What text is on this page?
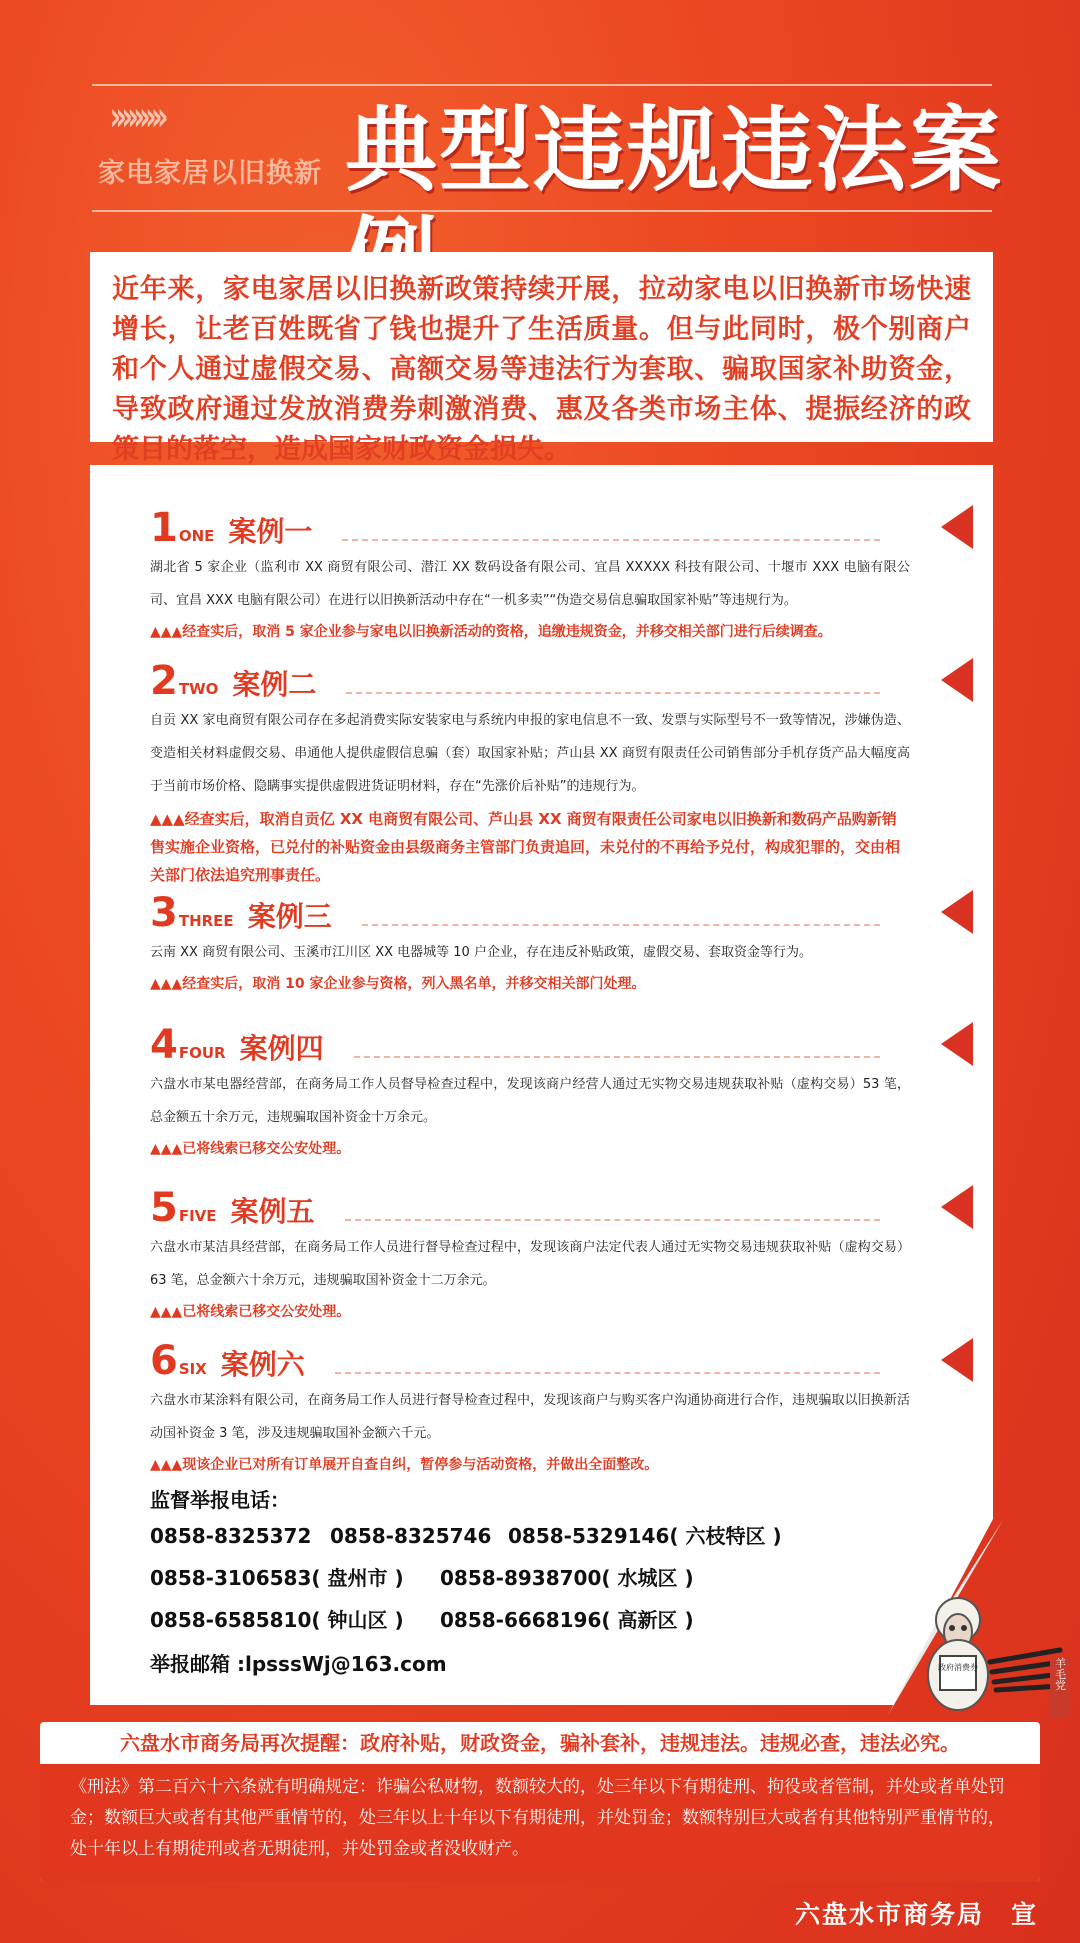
›››››››››
家电家居以旧换新 典型违规违法案

近年来，家电家居以旧换新政策持续开展，拉动家电以旧换新市场快速增长，让老百姓既省了钱也提升了生活质量。但与此同时，极个别商户和个人通过虚假交易、高额交易等违法行为套取、骗取国家补助资金，导致政府通过发放消费券刺激消费、惠及各类市场主体、提振经济的政策目的落空，造成国家财政资金损失。

1 ONE 案例一
湖北省 5 家企业（监利市 XX 商贸有限公司、潜江 XX 数码设备有限公司、宜昌 XXXXX 科技有限公司、十堰市 XXX 电脑有限公司、宜昌 XXX 电脑有限公司）在进行以旧换新活动中存在“一机多卖”“伪造交易信息骗取国家补贴”等违规行为。
▲▲▲经查实后，取消 5 家企业参与家电以旧换新活动的资格，追缴违规资金，并移交相关部门进行后续调查。
2 TWO 案例二
自贡 XX 家电商贸有限公司存在多起消费实际安装家电与系统内申报的家电信息不一致、发票与实际型号不一致等情况，涉嫌伪造、变造相关材料虚假交易、串通他人提供虚假信息骗（套）取国家补贴；芦山县 XX 商贸有限责任公司销售部分手机存货产品大幅度高于当前市场价格、隐瞒事实提供虚假进货证明材料，存在“先涨价后补贴”的违规行为。
▲▲▲经查实后，取消自贡亿 XX 电商贸有限公司、芦山县 XX 商贸有限责任公司家电以旧换新和数码产品购新销售实施企业资格，已兑付的补贴资金由县级商务主管部门负责追回，未兑付的不再给予兑付，构成犯罪的，交由相关部门依法追究刑事责任。
3 THREE 案例三
云南 XX 商贸有限公司、玉溪市江川区 XX 电器城等 10 户企业，存在违反补贴政策，虚假交易、套取资金等行为。
▲▲▲经查实后，取消 10 家企业参与资格，列入黑名单，并移交相关部门处理。
4 FOUR 案例四
六盘水市某电器经营部，在商务局工作人员督导检查过程中，发现该商户经营人通过无实物交易违规获取补贴（虚构交易）53 笔，总金额五十余万元，违规骗取国补资金十万余元。
▲▲▲已将线索已移交公安处理。
5 FIVE 案例五
六盘水市某洁具经营部，在商务局工作人员进行督导检查过程中，发现该商户法定代表人通过无实物交易违规获取补贴（虚构交易）63 笔，总金额六十余万元，违规骗取国补资金十二万余元。
▲▲▲已将线索已移交公安处理。
6 SIX 案例六
六盘水市某涂料有限公司，在商务局工作人员进行督导检查过程中，发现该商户与购买客户沟通协商进行合作，违规骗取以旧换新活动国补资金 3 笔，涉及违规骗取国补金额六千元。
▲▲▲现该企业已对所有订单展开自查自纠，暂停参与活动资格，并做出全面整改。
监督举报电话：
0858-8325372 0858-8325746 0858-5329146( 六枝特区 )
0858-3106583( 盘州市 )	0858-8938700( 水城区 )
0858-6585810( 钟山区 )	0858-6668196( 高新区 )
举报邮箱 :lpsssWj@163.com	政府消费券	羊毛党
六盘水市商务局再次提醒：政府补贴，财政资金，骗补套补，违规违法。违规必查，违法必究。
《刑法》第二百六十六条就有明确规定：诈骗公私财物，数额较大的，处三年以下有期徒刑、拘役或者管制，并处或者单处罚金；数额巨大或者有其他严重情节的，处三年以上十年以下有期徒刑，并处罚金；数额特别巨大或者有其他特别严重情节的，处十年以上有期徒刑或者无期徒刑，并处罚金或者没收财产。
六盘水市商务局　宣
